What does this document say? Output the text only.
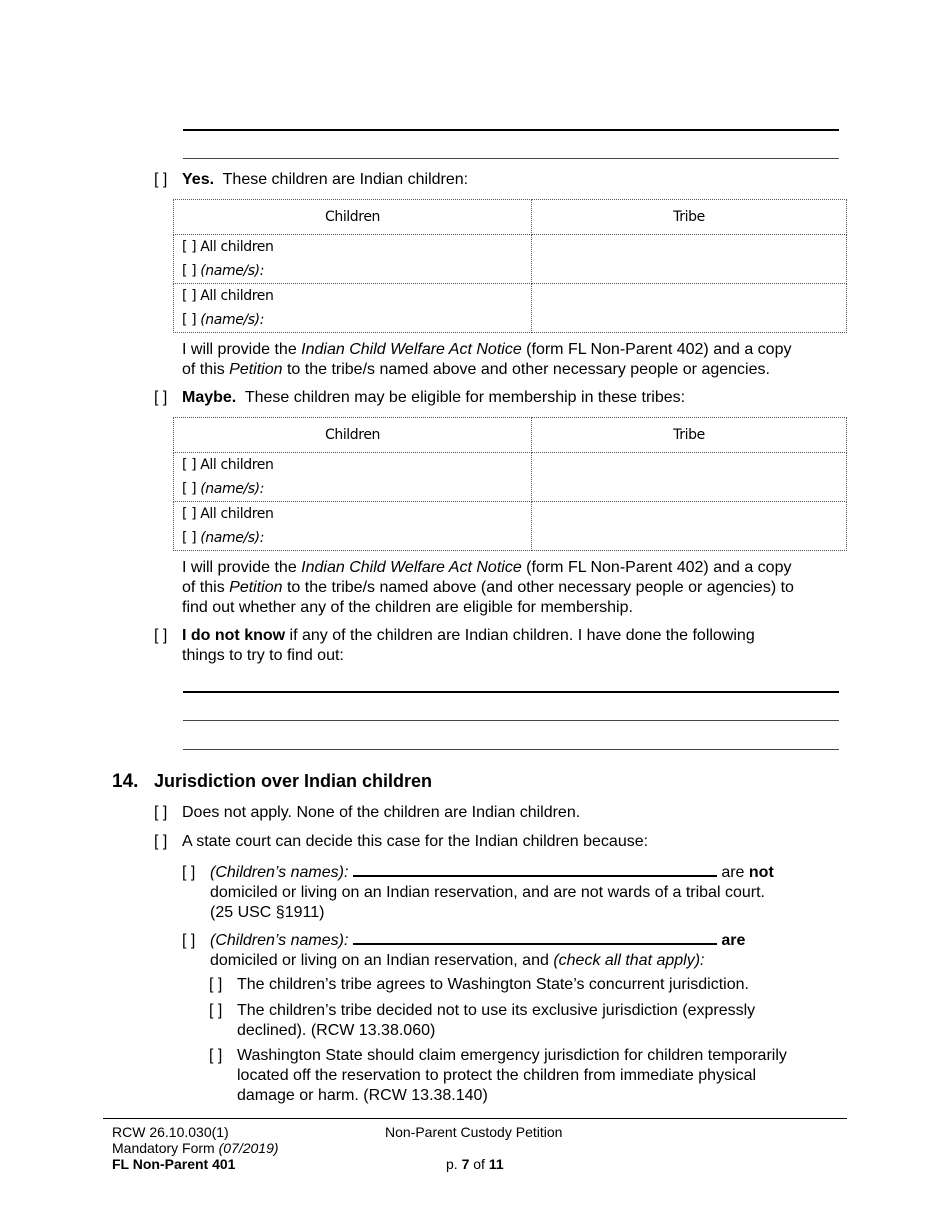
[ ] Yes. These children are Indian children:
Children	Tribe

[ ] All children
[ ] (name/s):	

[ ] All children
[ ] (name/s):	

I will provide the Indian Child Welfare Act Notice (form FL Non-Parent 402) and a copy
of this Petition to the tribe/s named above and other necessary people or agencies.
[ ] Maybe. These children may be eligible for membership in these tribes:
Children	Tribe

[ ] All children
[ ] (name/s):	

[ ] All children
[ ] (name/s):	

I will provide the Indian Child Welfare Act Notice (form FL Non-Parent 402) and a copy
of this Petition to the tribe/s named above (and other necessary people or agencies) to
find out whether any of the children are eligible for membership.
[ ] I do not know if any of the children are Indian children. I have done the following
things to try to find out:
14. Jurisdiction over Indian children
[ ] Does not apply. None of the children are Indian children.
[ ] A state court can decide this case for the Indian children because:
[ ] (Children’s names):	are not
domiciled or living on an Indian reservation, and are not wards of a tribal court.
(25 USC §1911)
[ ] (Children’s names):	are
domiciled or living on an Indian reservation, and (check all that apply):
[ ] The children’s tribe agrees to Washington State’s concurrent jurisdiction.
[ ] The children’s tribe decided not to use its exclusive jurisdiction (expressly
declined). (RCW 13.38.060)
[ ] Washington State should claim emergency jurisdiction for children temporarily
located off the reservation to protect the children from immediate physical
damage or harm. (RCW 13.38.140)
RCW 26.10.030(1)
Mandatory Form (07/2019)
FL Non-Parent 401
Non-Parent Custody Petition
p. 7 of 11
